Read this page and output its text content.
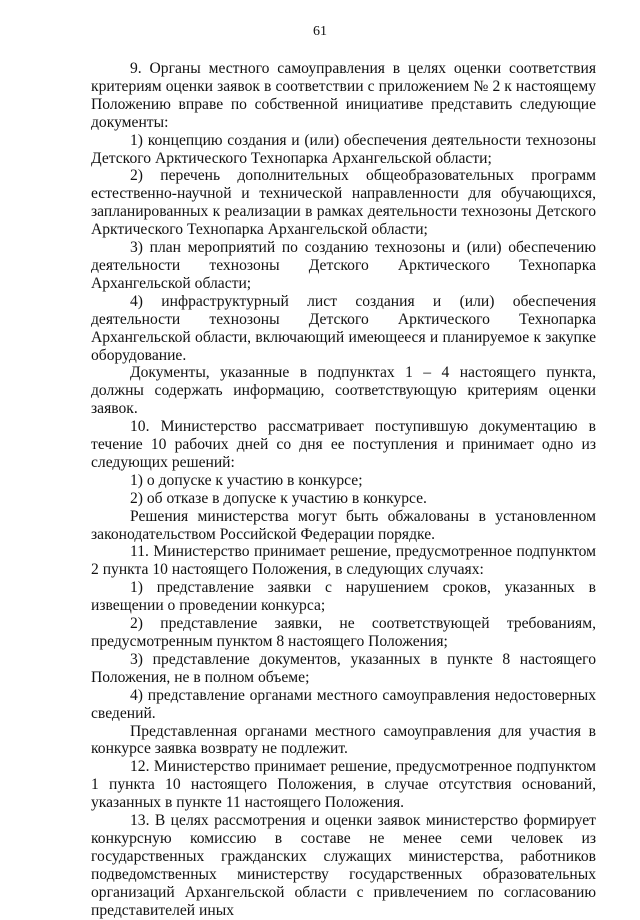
61

9. Органы местного самоуправления в целях оценки соответствия критериям оценки заявок в соответствии с приложением № 2 к настоящему Положению вправе по собственной инициативе представить следующие документы:

1) концепцию создания и (или) обеспечения деятельности технозоны Детского Арктического Технопарка Архангельской области;

2) перечень дополнительных общеобразовательных программ естественно-научной и технической направленности для обучающихся, запланированных к реализации в рамках деятельности технозоны Детского Арктического Технопарка Архангельской области;

3) план мероприятий по созданию технозоны и (или) обеспечению деятельности технозоны Детского Арктического Технопарка Архангельской области;

4) инфраструктурный лист создания и (или) обеспечения деятельности технозоны Детского Арктического Технопарка Архангельской области, включающий имеющееся и планируемое к закупке оборудование.

Документы, указанные в подпунктах 1 – 4 настоящего пункта, должны содержать информацию, соответствующую критериям оценки заявок.

10. Министерство рассматривает поступившую документацию в течение 10 рабочих дней со дня ее поступления и принимает одно из следующих решений:

1) о допуске к участию в конкурсе;

2) об отказе в допуске к участию в конкурсе.

Решения министерства могут быть обжалованы в установленном законодательством Российской Федерации порядке.

11. Министерство принимает решение, предусмотренное подпунктом 2 пункта 10 настоящего Положения, в следующих случаях:

1) представление заявки с нарушением сроков, указанных в извещении о проведении конкурса;

2) представление заявки, не соответствующей требованиям, предусмотренным пунктом 8 настоящего Положения;

3) представление документов, указанных в пункте 8 настоящего Положения, не в полном объеме;

4) представление органами местного самоуправления недостоверных сведений.

Представленная органами местного самоуправления для участия в конкурсе заявка возврату не подлежит.

12. Министерство принимает решение, предусмотренное подпунктом 1 пункта 10 настоящего Положения, в случае отсутствия оснований, указанных в пункте 11 настоящего Положения.

13. В целях рассмотрения и оценки заявок министерство формирует конкурсную комиссию в составе не менее семи человек из государственных гражданских служащих министерства, работников подведомственных министерству государственных образовательных организаций Архангельской области с привлечением по согласованию представителей иных
